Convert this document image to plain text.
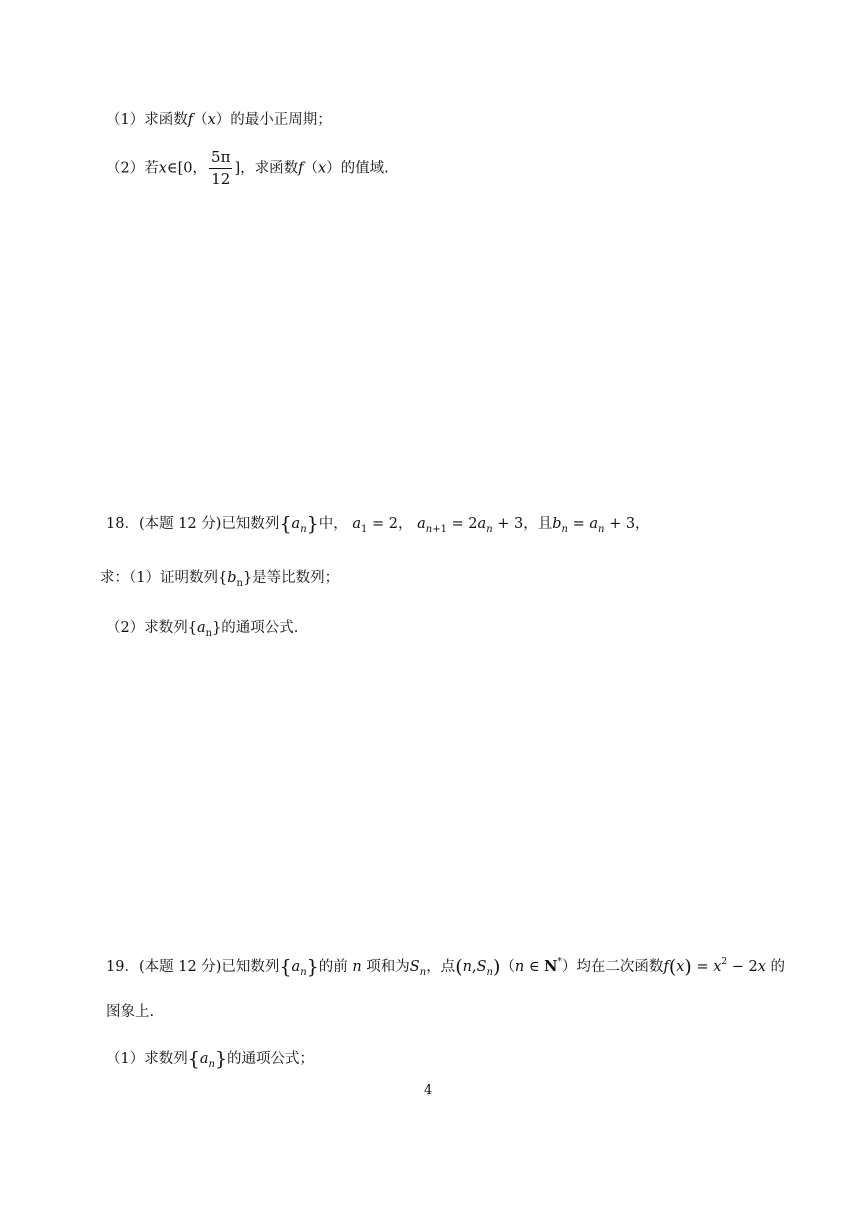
（1）求函数f（x）的最小正周期；
（2）若x∈[0， $\frac{5\pi}{12}$ ]，求函数f（x）的值域.
18．(本题 12 分)已知数列$\{a_n\}$中， $a_1 = 2$， $a_{n+1} = 2a_n + 3$，且$b_n = a_n + 3$，
求：（1）证明数列$\{b_n\}$是等比数列；
（2）求数列$\{a_n\}$的通项公式.
19．(本题 12 分)已知数列$\{a_n\}$的前 n 项和为$S_n$，点$(n,S_n)(n$ ∈ N*）均在二次函数$f(x) = x^2 - 2x$ 的
图象上.
（1）求数列$\{a_n\}$的通项公式；
4
